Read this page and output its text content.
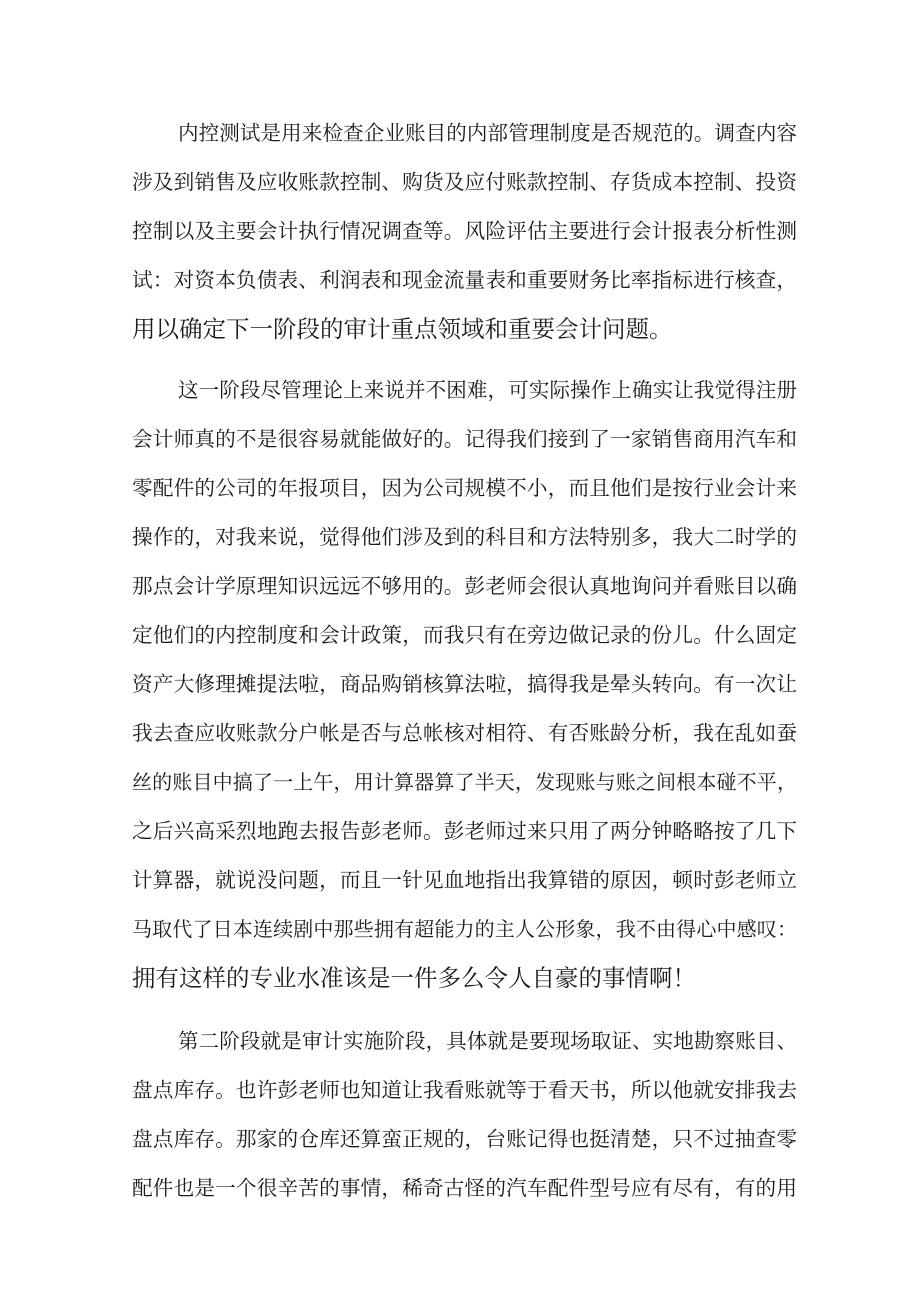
内控测试是用来检查企业账目的内部管理制度是否规范的。调查内容
涉及到销售及应收账款控制、购货及应付账款控制、存货成本控制、投资
控制以及主要会计执行情况调查等。风险评估主要进行会计报表分析性测
试：对资本负债表、利润表和现金流量表和重要财务比率指标进行核查，
用以确定下一阶段的审计重点领域和重要会计问题。
这一阶段尽管理论上来说并不困难，可实际操作上确实让我觉得注册
会计师真的不是很容易就能做好的。记得我们接到了一家销售商用汽车和
零配件的公司的年报项目，因为公司规模不小，而且他们是按行业会计来
操作的，对我来说，觉得他们涉及到的科目和方法特别多，我大二时学的
那点会计学原理知识远远不够用的。彭老师会很认真地询问并看账目以确
定他们的内控制度和会计政策，而我只有在旁边做记录的份儿。什么固定
资产大修理摊提法啦，商品购销核算法啦，搞得我是晕头转向。有一次让
我去查应收账款分户帐是否与总帐核对相符、有否账龄分析，我在乱如蚕
丝的账目中搞了一上午，用计算器算了半天，发现账与账之间根本碰不平，
之后兴高采烈地跑去报告彭老师。彭老师过来只用了两分钟略略按了几下
计算器，就说没问题，而且一针见血地指出我算错的原因，顿时彭老师立
马取代了日本连续剧中那些拥有超能力的主人公形象，我不由得心中感叹：
拥有这样的专业水准该是一件多么令人自豪的事情啊！
第二阶段就是审计实施阶段，具体就是要现场取证、实地勘察账目、
盘点库存。也许彭老师也知道让我看账就等于看天书，所以他就安排我去
盘点库存。那家的仓库还算蛮正规的，台账记得也挺清楚，只不过抽查零
配件也是一个很辛苦的事情，稀奇古怪的汽车配件型号应有尽有，有的用
